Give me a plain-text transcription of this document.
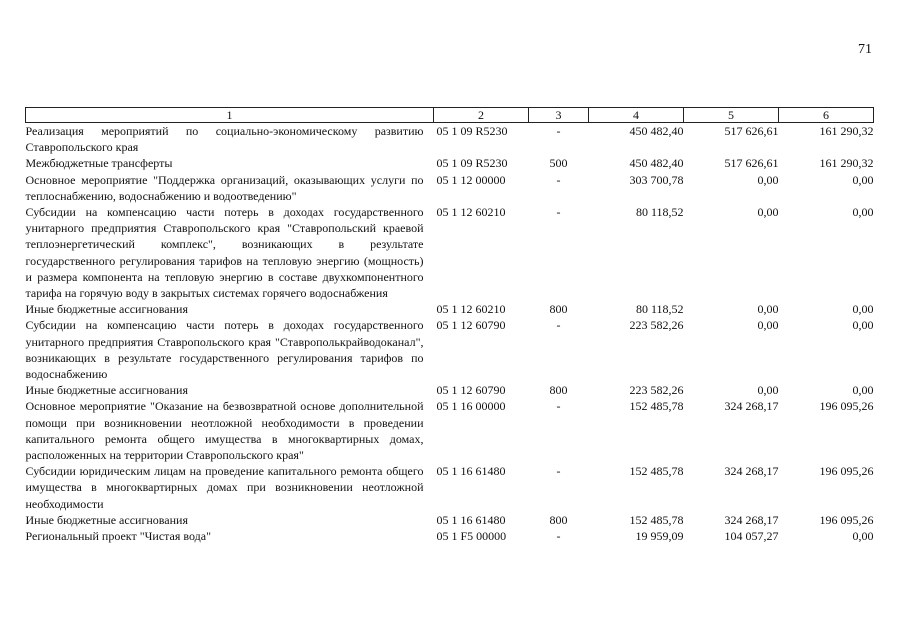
71
1	2	3	4	5	6
Реализация мероприятий по социально-экономическому развитию Ставропольского края	05 1 09 R5230	-	450 482,40	517 626,61	161 290,32
Межбюджетные трансферты	05 1 09 R5230	500	450 482,40	517 626,61	161 290,32
Основное мероприятие "Поддержка организаций, оказывающих услуги по теплоснабжению, водоснабжению и водоотведению"	05 1 12 00000	-	303 700,78	0,00	0,00
Субсидии на компенсацию части потерь в доходах государственного унитарного предприятия Ставропольского края "Ставропольский краевой теплоэнергетический комплекс", возникающих в результате государственного регулирования тарифов на тепловую энергию (мощность) и размера компонента на тепловую энергию в составе двухкомпонентного тарифа на горячую воду в закрытых системах горячего водоснабжения	05 1 12 60210	-	80 118,52	0,00	0,00
Иные бюджетные ассигнования	05 1 12 60210	800	80 118,52	0,00	0,00
Субсидии на компенсацию части потерь в доходах государственного унитарного предприятия Ставропольского края "Ставрополькрайводоканал", возникающих в результате государственного регулирования тарифов по водоснабжению	05 1 12 60790	-	223 582,26	0,00	0,00
Иные бюджетные ассигнования	05 1 12 60790	800	223 582,26	0,00	0,00
Основное мероприятие "Оказание на безвозвратной основе дополнительной помощи при возникновении неотложной необходимости в проведении капитального ремонта общего имущества в многоквартирных домах, расположенных на территории Ставропольского края"	05 1 16 00000	-	152 485,78	324 268,17	196 095,26
Субсидии юридическим лицам на проведение капитального ремонта общего имущества в многоквартирных домах при возникновении неотложной необходимости	05 1 16 61480	-	152 485,78	324 268,17	196 095,26
Иные бюджетные ассигнования	05 1 16 61480	800	152 485,78	324 268,17	196 095,26
Региональный проект "Чистая вода"	05 1 F5 00000	-	19 959,09	104 057,27	0,00
